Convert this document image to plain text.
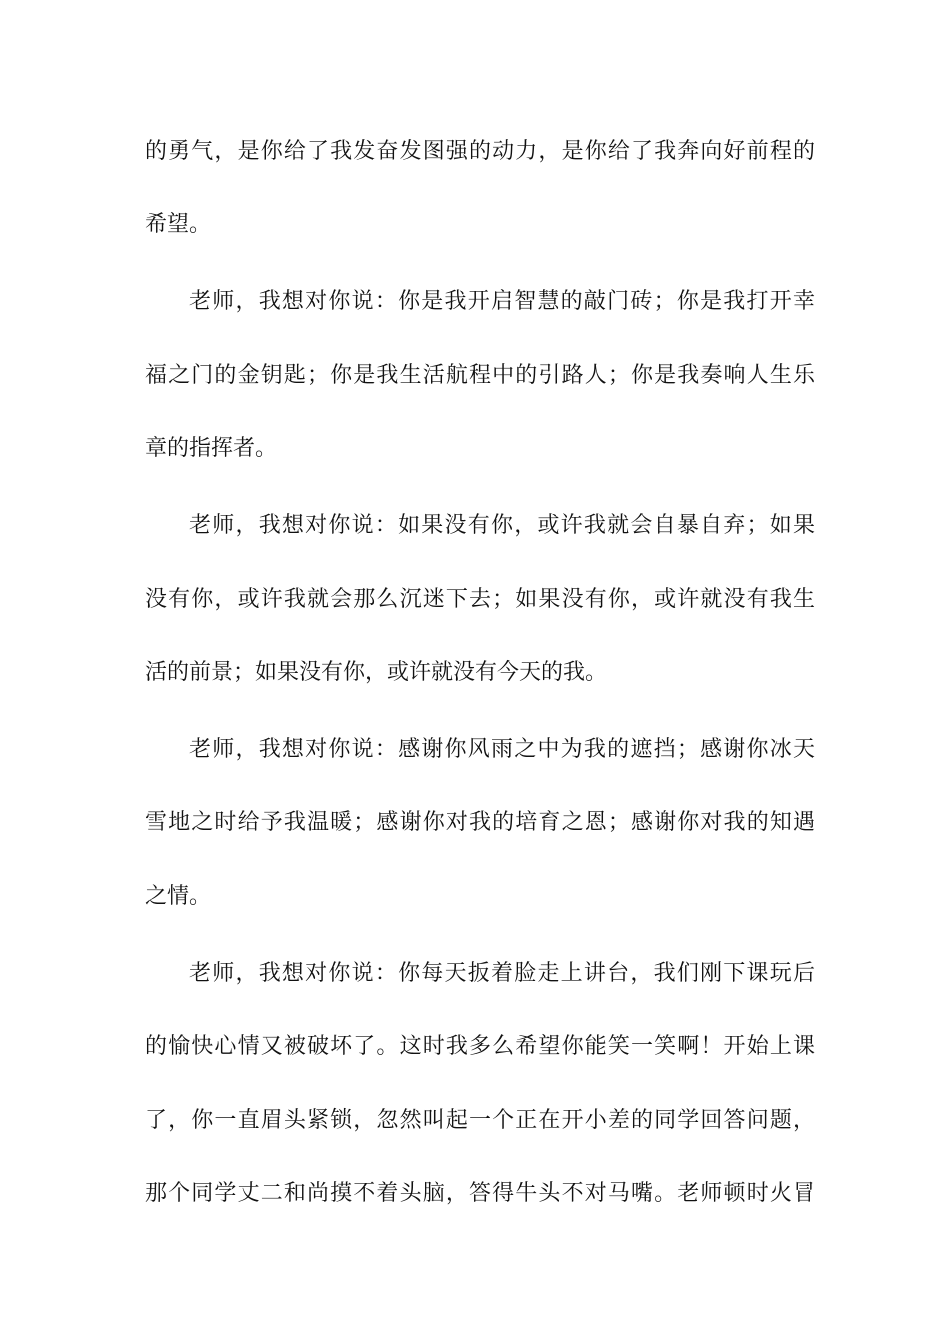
的勇气，是你给了我发奋发图强的动力，是你给了我奔向好前程的
希望。
老师，我想对你说：你是我开启智慧的敲门砖；你是我打开幸
福之门的金钥匙；你是我生活航程中的引路人；你是我奏响人生乐
章的指挥者。
老师，我想对你说：如果没有你，或许我就会自暴自弃；如果
没有你，或许我就会那么沉迷下去；如果没有你，或许就没有我生
活的前景；如果没有你，或许就没有今天的我。
老师，我想对你说：感谢你风雨之中为我的遮挡；感谢你冰天
雪地之时给予我温暖；感谢你对我的培育之恩；感谢你对我的知遇
之情。
老师，我想对你说：你每天扳着脸走上讲台，我们刚下课玩后
的愉快心情又被破坏了。这时我多么希望你能笑一笑啊！开始上课
了，你一直眉头紧锁，忽然叫起一个正在开小差的同学回答问题，
那个同学丈二和尚摸不着头脑，答得牛头不对马嘴。老师顿时火冒
